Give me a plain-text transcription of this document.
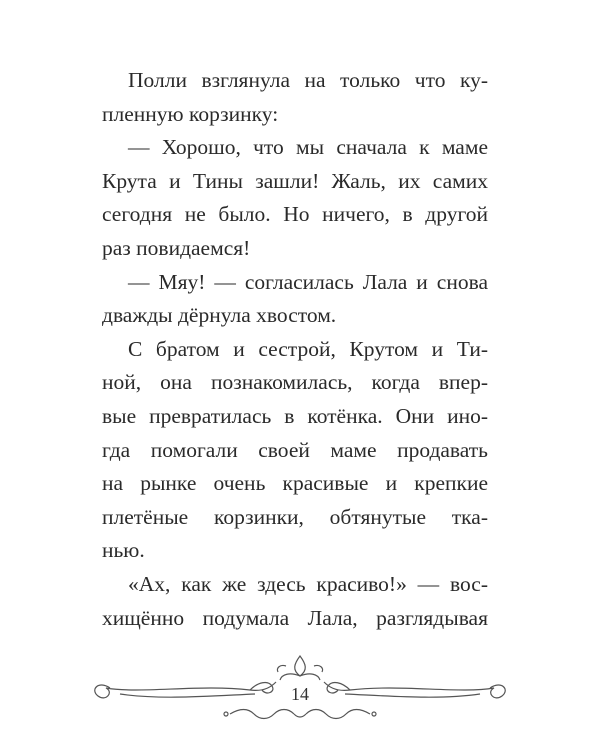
Полли взглянула на только что ку-
пленную корзинку:
— Хорошо, что мы сначала к маме
Крута и Тины зашли! Жаль, их самих
сегодня не было. Но ничего, в другой
раз повидаемся!
— Мяу! — согласилась Лала и снова
дважды дёрнула хвостом.
С братом и сестрой, Крутом и Ти-
ной, она познакомилась, когда впер-
вые превратилась в котёнка. Они ино-
гда помогали своей маме продавать
на рынке очень красивые и крепкие
плетёные корзинки, обтянутые тка-
нью.
«Ах, как же здесь красиво!» — вос-
хищённо подумала Лала, разглядывая
14
